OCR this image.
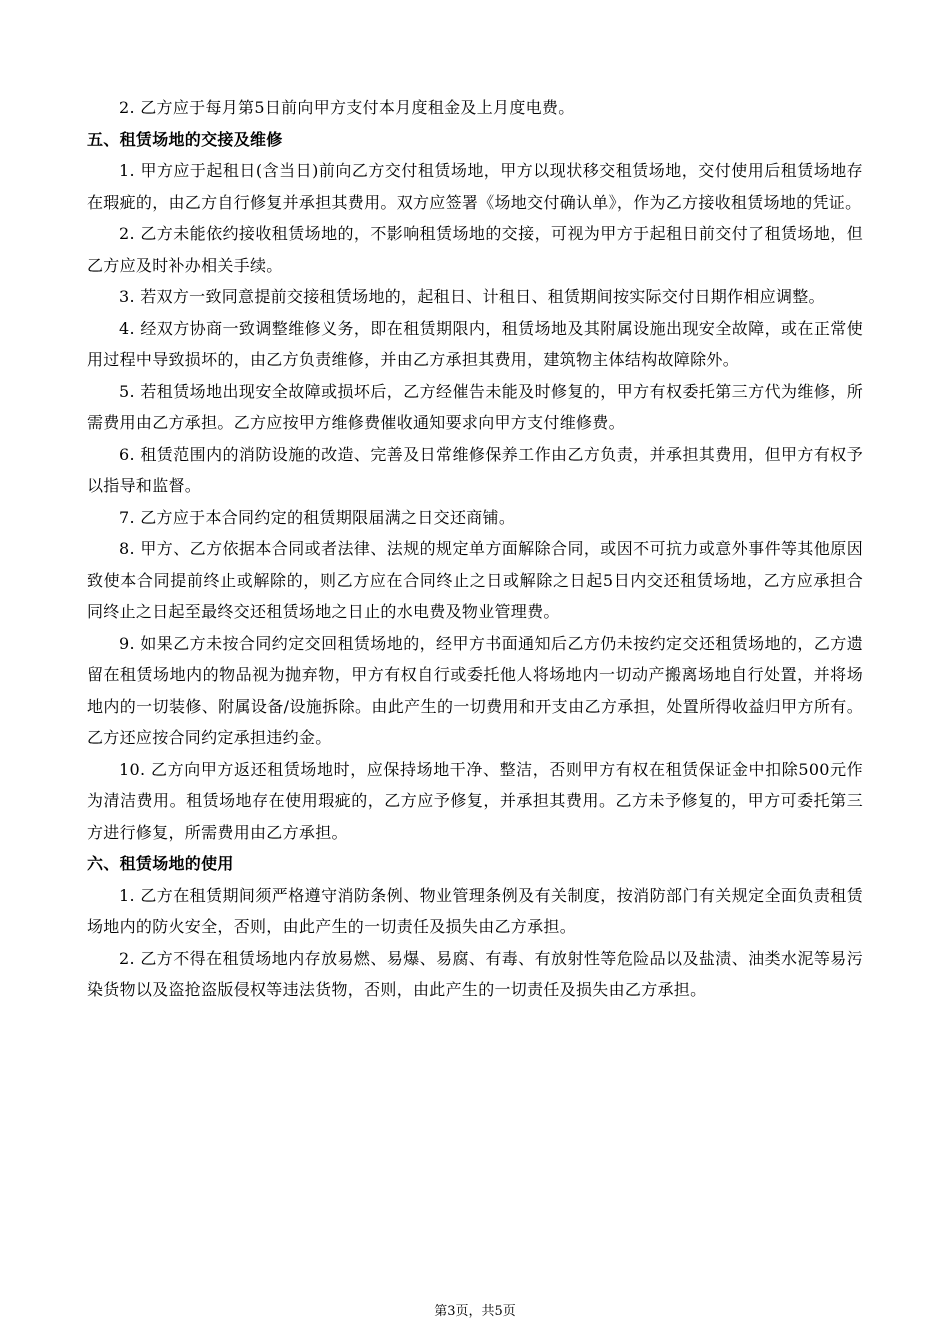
2. 乙方应于每月第5日前向甲方支付本月度租金及上月度电费。

五、租赁场地的交接及维修

1. 甲方应于起租日(含当日)前向乙方交付租赁场地，甲方以现状移交租赁场地，交付使用后租赁场地存在瑕疵的，由乙方自行修复并承担其费用。双方应签署《场地交付确认单》，作为乙方接收租赁场地的凭证。

2. 乙方未能依约接收租赁场地的，不影响租赁场地的交接，可视为甲方于起租日前交付了租赁场地，但乙方应及时补办相关手续。

3. 若双方一致同意提前交接租赁场地的，起租日、计租日、租赁期间按实际交付日期作相应调整。

4. 经双方协商一致调整维修义务，即在租赁期限内，租赁场地及其附属设施出现安全故障，或在正常使用过程中导致损坏的，由乙方负责维修，并由乙方承担其费用，建筑物主体结构故障除外。

5. 若租赁场地出现安全故障或损坏后，乙方经催告未能及时修复的，甲方有权委托第三方代为维修，所需费用由乙方承担。乙方应按甲方维修费催收通知要求向甲方支付维修费。

6. 租赁范围内的消防设施的改造、完善及日常维修保养工作由乙方负责，并承担其费用，但甲方有权予以指导和监督。

7. 乙方应于本合同约定的租赁期限届满之日交还商铺。

8. 甲方、乙方依据本合同或者法律、法规的规定单方面解除合同，或因不可抗力或意外事件等其他原因致使本合同提前终止或解除的，则乙方应在合同终止之日或解除之日起5日内交还租赁场地，乙方应承担合同终止之日起至最终交还租赁场地之日止的水电费及物业管理费。

9. 如果乙方未按合同约定交回租赁场地的，经甲方书面通知后乙方仍未按约定交还租赁场地的，乙方遗留在租赁场地内的物品视为抛弃物，甲方有权自行或委托他人将场地内一切动产搬离场地自行处置，并将场地内的一切装修、附属设备/设施拆除。由此产生的一切费用和开支由乙方承担，处置所得收益归甲方所有。乙方还应按合同约定承担违约金。

10. 乙方向甲方返还租赁场地时，应保持场地干净、整洁，否则甲方有权在租赁保证金中扣除500元作为清洁费用。租赁场地存在使用瑕疵的，乙方应予修复，并承担其费用。乙方未予修复的，甲方可委托第三方进行修复，所需费用由乙方承担。

六、租赁场地的使用

1. 乙方在租赁期间须严格遵守消防条例、物业管理条例及有关制度，按消防部门有关规定全面负责租赁场地内的防火安全，否则，由此产生的一切责任及损失由乙方承担。

2. 乙方不得在租赁场地内存放易燃、易爆、易腐、有毒、有放射性等危险品以及盐渍、油类水泥等易污染货物以及盗抢盗版侵权等违法货物，否则，由此产生的一切责任及损失由乙方承担。

第3页，共5页
